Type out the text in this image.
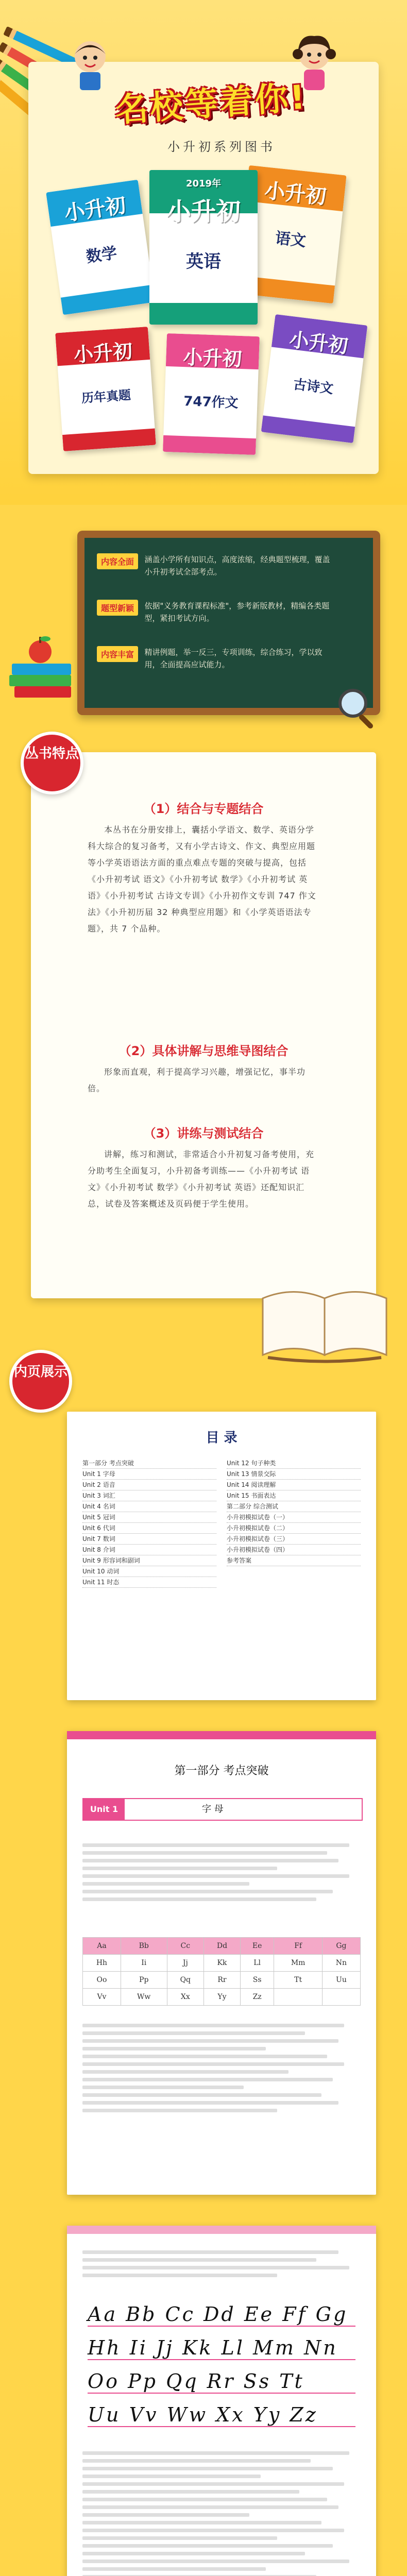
名校等着你!
小升初系列图书
小升初
数学
小升初
语文
2019年
小升初
英语
小升初
历年真题
小升初
747作文
小升初
古诗文
内容全面 涵盖小学所有知识点，高度浓缩，经典题型梳理，覆盖小升初考试全部考点。
题型新颖 依据"义务教育课程标准"，参考新版教材，精编各类题型，紧扣考试方向。
内容丰富 精讲例题，举一反三，专项训练，综合练习，学以致用，全面提高应试能力。
丛书特点
（1）结合与专题结合
本丛书在分册安排上，囊括小学语文、数学、英语分学科大综合的复习备考，又有小学古诗文、作文、典型应用题等小学英语语法方面的重点难点专题的突破与提高，包括《小升初考试 语文》《小升初考试 数学》《小升初考试 英语》《小升初考试 古诗文专训》《小升初作文专训 747 作文法》《小升初历届 32 种典型应用题》和《小学英语语法专题》，共 7 个品种。
（2）具体讲解与思维导图结合
形象而直观，利于提高学习兴趣，增强记忆，事半功倍。
（3）讲练与测试结合
讲解，练习和测试，非常适合小升初复习备考使用，充分助考生全面复习，小升初备考训练——《小升初考试 语文》《小升初考试 数学》《小升初考试 英语》还配知识汇总，试卷及答案概述及页码便于学生使用。
内页展示
目 录
第一部分 考点突破
Unit 1 字母
Unit 2 语音
Unit 3 词汇
Unit 4 名词
Unit 5 冠词
Unit 6 代词
Unit 7 数词
Unit 8 介词
Unit 9 形容词和副词
Unit 10 动词
Unit 11 时态
Unit 12 句子种类
Unit 13 情景交际
Unit 14 阅读理解
Unit 15 书面表达
第二部分 综合测试
小升初模拟试卷（一）
小升初模拟试卷（二）
小升初模拟试卷（三）
小升初模拟试卷（四）
参考答案
第一部分 考点突破
Unit 1	字 母
Aa	Bb	Cc	Dd	Ee	Ff	Gg
Hh	Ii	Jj	Kk	Ll	Mm	Nn
Oo	Pp	Qq	Rr	Ss	Tt	Uu
Vv	Ww	Xx	Yy	Zz		
Aa Bb Cc Dd Ee Ff Gg
Hh Ii Jj Kk Ll Mm Nn
Oo Pp Qq Rr Ss Tt
Uu Vv Ww Xx Yy Zz
